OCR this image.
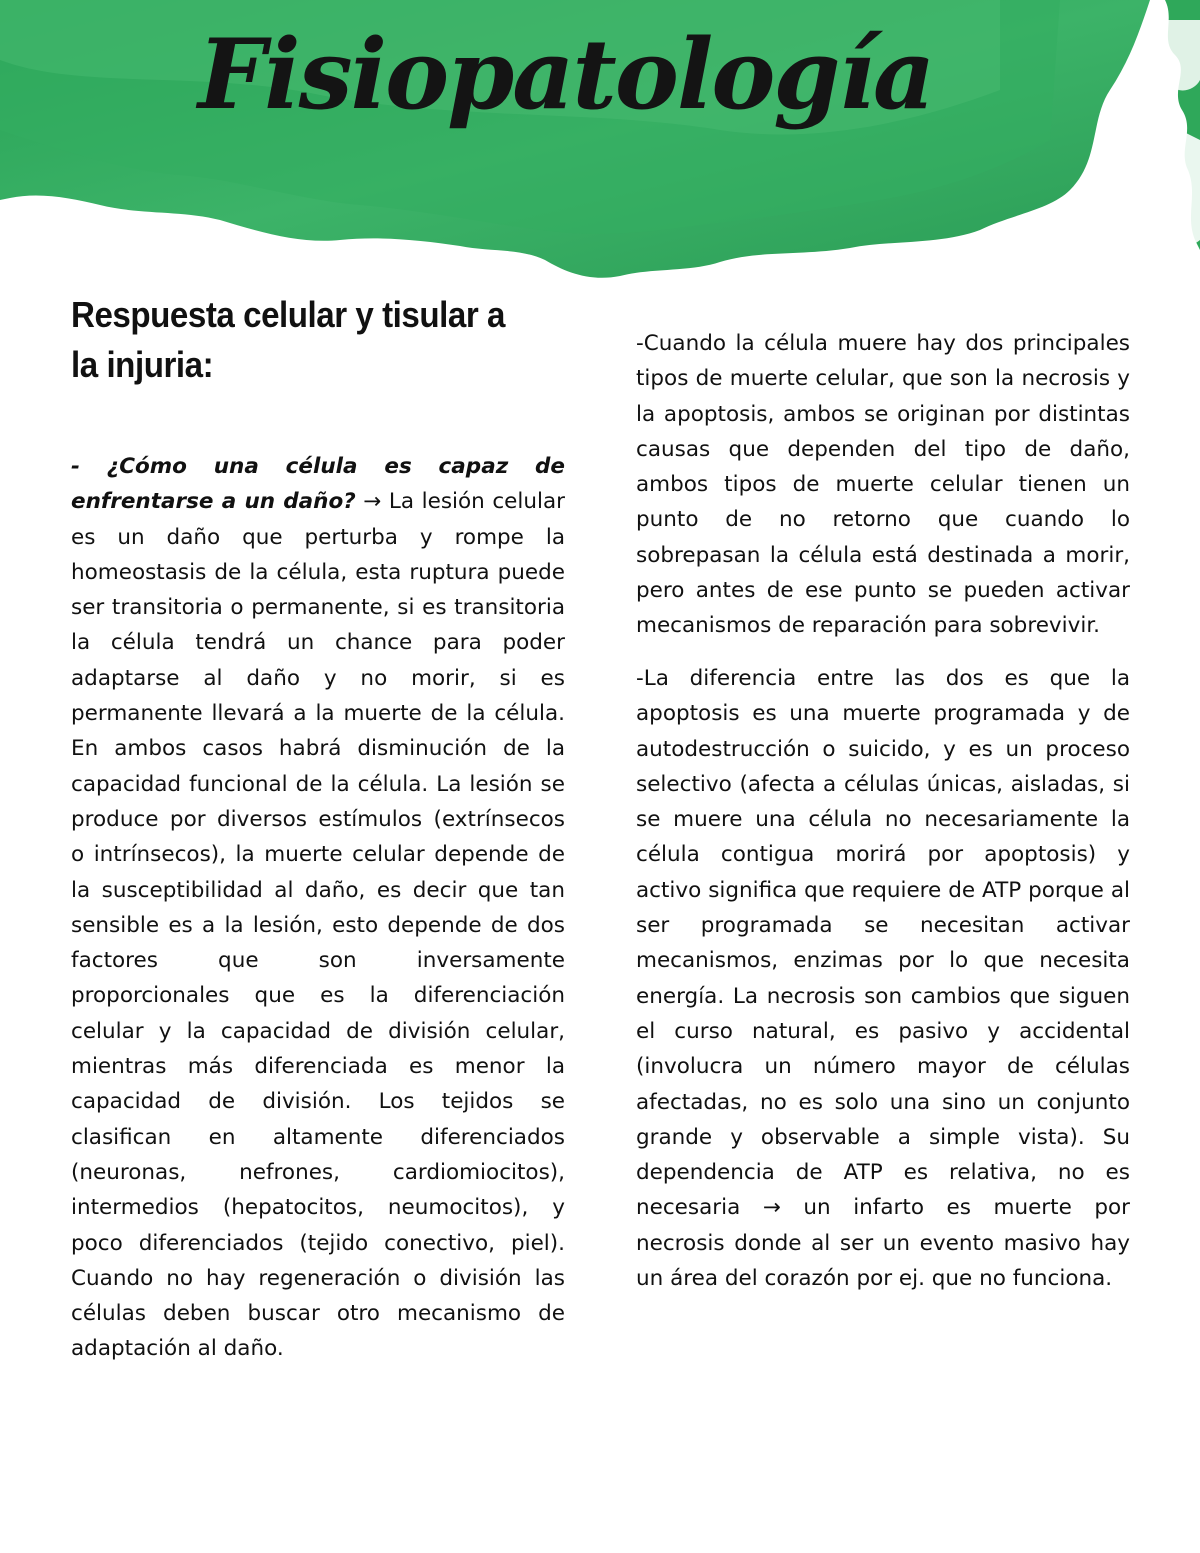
Fisiopatología
Respuesta celular y tisular a la injuria:

- ¿Cómo una célula es capaz de enfrentarse a un daño? → La lesión celular es un daño que perturba y rompe la homeostasis de la célula, esta ruptura puede ser transitoria o permanente, si es transitoria la célula tendrá un chance para poder adaptarse al daño y no morir, si es permanente llevará a la muerte de la célula. En ambos casos habrá disminución de la capacidad funcional de la célula. La lesión se produce por diversos estímulos (extrínsecos o intrínsecos), la muerte celular depende de la susceptibilidad al daño, es decir que tan sensible es a la lesión, esto depende de dos factores que son inversamente proporcionales que es la diferenciación celular y la capacidad de división celular, mientras más diferenciada es menor la capacidad de división. Los tejidos se clasifican en altamente diferenciados (neuronas, nefrones, cardiomiocitos), intermedios (hepatocitos, neumocitos), y poco diferenciados (tejido conectivo, piel). Cuando no hay regeneración o división las células deben buscar otro mecanismo de adaptación al daño.

-Cuando la célula muere hay dos principales tipos de muerte celular, que son la necrosis y la apoptosis, ambos se originan por distintas causas que dependen del tipo de daño, ambos tipos de muerte celular tienen un punto de no retorno que cuando lo sobrepasan la célula está destinada a morir, pero antes de ese punto se pueden activar mecanismos de reparación para sobrevivir.

-La diferencia entre las dos es que la apoptosis es una muerte programada y de autodestrucción o suicido, y es un proceso selectivo (afecta a células únicas, aisladas, si se muere una célula no necesariamente la célula contigua morirá por apoptosis) y activo significa que requiere de ATP porque al ser programada se necesitan activar mecanismos, enzimas por lo que necesita energía. La necrosis son cambios que siguen el curso natural, es pasivo y accidental (involucra un número mayor de células afectadas, no es solo una sino un conjunto grande y observable a simple vista). Su dependencia de ATP es relativa, no es necesaria → un infarto es muerte por necrosis donde al ser un evento masivo hay un área del corazón por ej. que no funciona.
